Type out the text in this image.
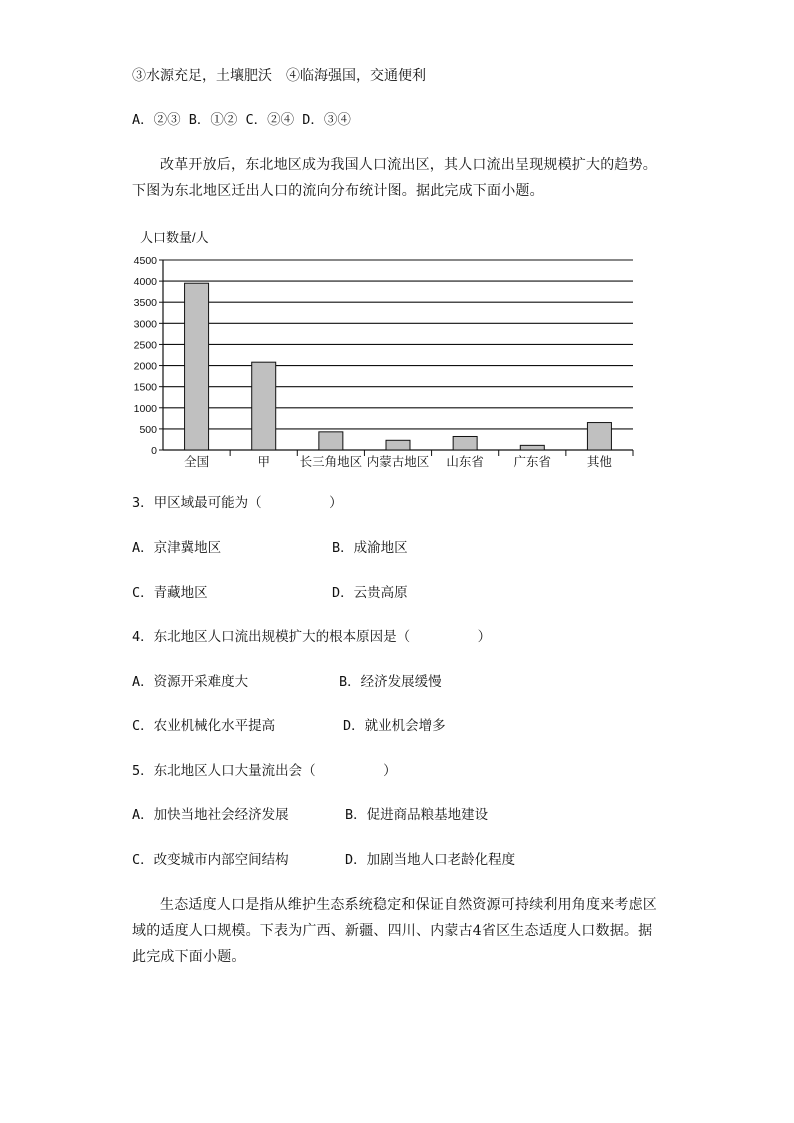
③水源充足，土壤肥沃　④临海强国，交通便利
A．②③ B．①② C．②④ D．③④
改革开放后，东北地区成为我国人口流出区，其人口流出呈现规模扩大的趋势。下图为东北地区迁出人口的流向分布统计图。据此完成下面小题。
人口数量/人
0
500
1000
1500
2000
2500
3000
3500
4000
4500
全国	甲 长三角地区 内蒙古地区 山东省 广东省	其他
3．甲区域最可能为（　　　　　）
A．京津冀地区	B．成渝地区
C．青藏地区	D．云贵高原
4．东北地区人口流出规模扩大的根本原因是（　　　　　）
A．资源开采难度大	B．经济发展缓慢
C．农业机械化水平提高	D．就业机会增多
5．东北地区人口大量流出会（　　　　　）
A．加快当地社会经济发展	B．促进商品粮基地建设
C．改变城市内部空间结构	D．加剧当地人口老龄化程度
生态适度人口是指从维护生态系统稳定和保证自然资源可持续利用角度来考虑区域的适度人口规模。下表为广西、新疆、四川、内蒙古4省区生态适度人口数据。据此完成下面小题。
